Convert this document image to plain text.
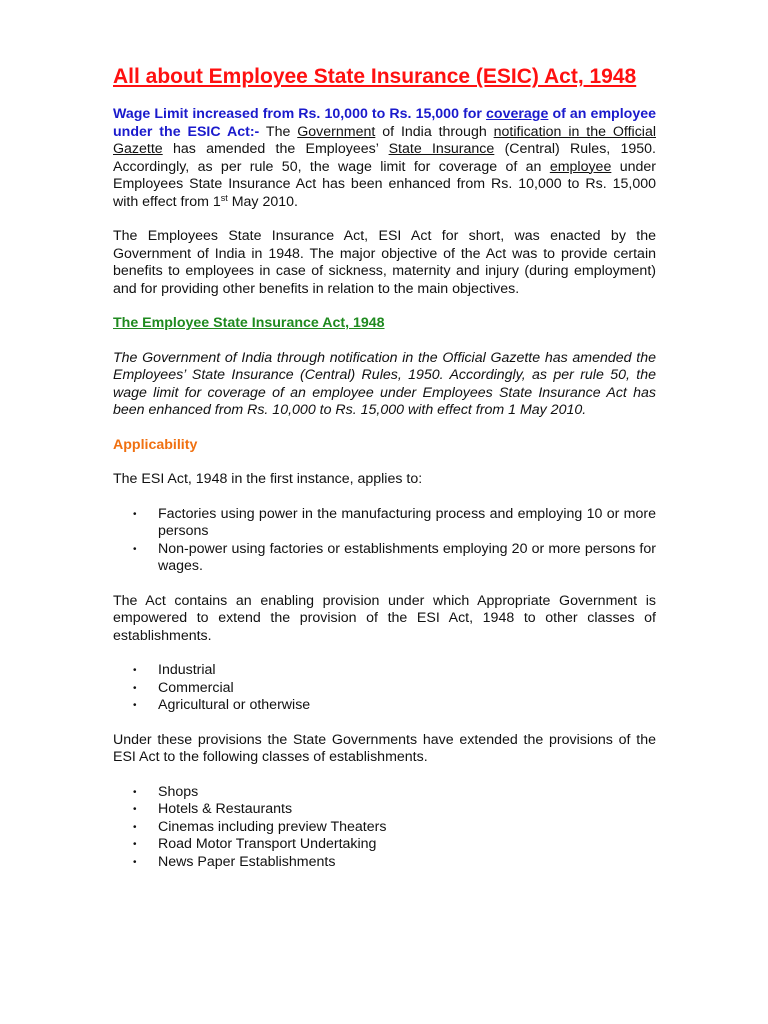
All about Employee State Insurance (ESIC) Act, 1948

Wage Limit increased from Rs. 10,000 to Rs. 15,000 for coverage of an employee under the ESIC Act:- The Government of India through notification in the Official Gazette has amended the Employees’ State Insurance (Central) Rules, 1950. Accordingly, as per rule 50, the wage limit for coverage of an employee under Employees State Insurance Act has been enhanced from Rs. 10,000 to Rs. 15,000 with effect from 1st May 2010.

The Employees State Insurance Act, ESI Act for short, was enacted by the Government of India in 1948. The major objective of the Act was to provide certain benefits to employees in case of sickness, maternity and injury (during employment) and for providing other benefits in relation to the main objectives.

The Employee State Insurance Act, 1948

The Government of India through notification in the Official Gazette has amended the Employees’ State Insurance (Central) Rules, 1950. Accordingly, as per rule 50, the wage limit for coverage of an employee under Employees State Insurance Act has been enhanced from Rs. 10,000 to Rs. 15,000 with effect from 1 May 2010.

Applicability

The ESI Act, 1948 in the first instance, applies to:

• Factories using power in the manufacturing process and employing 10 or more persons
• Non-power using factories or establishments employing 20 or more persons for wages.

The Act contains an enabling provision under which Appropriate Government is empowered to extend the provision of the ESI Act, 1948 to other classes of establishments.

• Industrial
• Commercial
• Agricultural or otherwise

Under these provisions the State Governments have extended the provisions of the ESI Act to the following classes of establishments.

• Shops
• Hotels & Restaurants
• Cinemas including preview Theaters
• Road Motor Transport Undertaking
• News Paper Establishments
